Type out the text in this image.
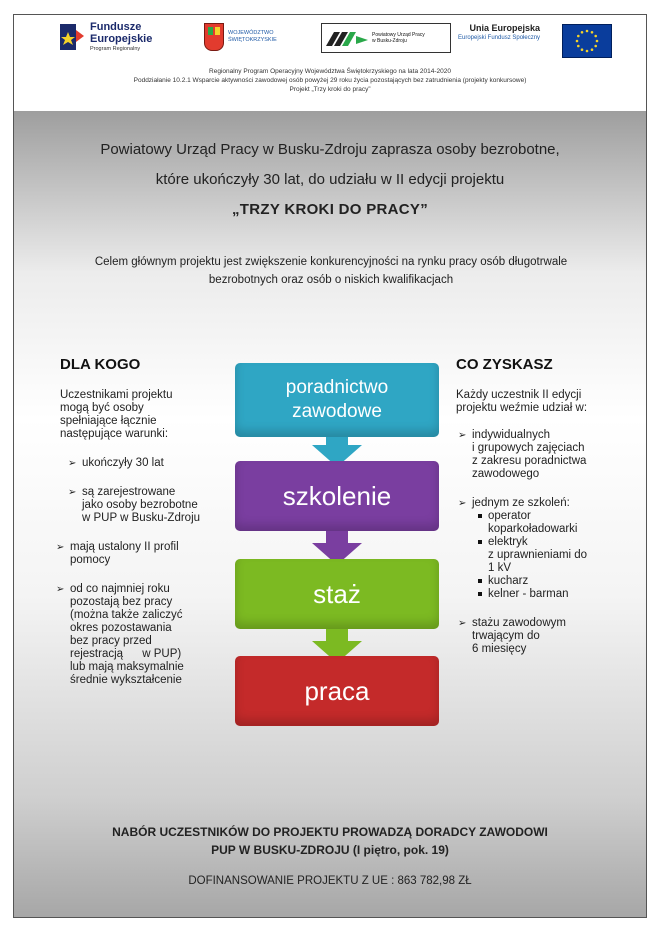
Fundusze
Europejskie
Program Regionalny
WOJEWÓDZTWO
ŚWIĘTOKRZYSKIE
Powiatowy Urząd Pracy
w Busku-Zdroju
Unia Europejska
Europejski Fundusz Społeczny
Regionalny Program Operacyjny Województwa Świętokrzyskiego na lata 2014-2020
Poddziałanie 10.2.1 Wsparcie aktywności zawodowej osób powyżej 29 roku życia pozostających bez zatrudnienia (projekty konkursowe)
Projekt „Trzy kroki do pracy”
Powiatowy Urząd Pracy w Busku-Zdroju zaprasza osoby bezrobotne,
które ukończyły 30 lat, do udziału w II edycji projektu
„TRZY KROKI DO PRACY”
Celem głównym projektu jest zwiększenie konkurencyjności na rynku pracy osób długotrwale
bezrobotnych oraz osób o niskich kwalifikacjach
DLA KOGO
Uczestnikami projektu
mogą być osoby
spełniające łącznie
następujące warunki:
➢ ukończyły 30 lat
➢ są zarejestrowane
jako osoby bezrobotne
w PUP w Busku-Zdroju
➢ mają ustalony II profil
pomocy
➢ od co najmniej roku
pozostają bez pracy
(można także zaliczyć
okres pozostawania
bez pracy przed
rejestracją      w PUP)
lub mają maksymalnie
średnie wykształcenie
poradnictwo
zawodowe
szkolenie
staż
praca
CO ZYSKASZ
Każdy uczestnik II edycji
projektu weźmie udział w:
➢ indywidualnych
i grupowych zajęciach
z zakresu poradnictwa
zawodowego
➢ jednym ze szkoleń:
operator
koparkoładowarki
elektryk
z uprawnieniami do
1 kV
kucharz
kelner - barman
➢ stażu zawodowym
trwającym do
6 miesięcy
NABÓR UCZESTNIKÓW DO PROJEKTU PROWADZĄ DORADCY ZAWODOWI
PUP W BUSKU-ZDROJU (I piętro, pok. 19)
DOFINANSOWANIE PROJEKTU Z UE : 863 782,98 ZŁ
